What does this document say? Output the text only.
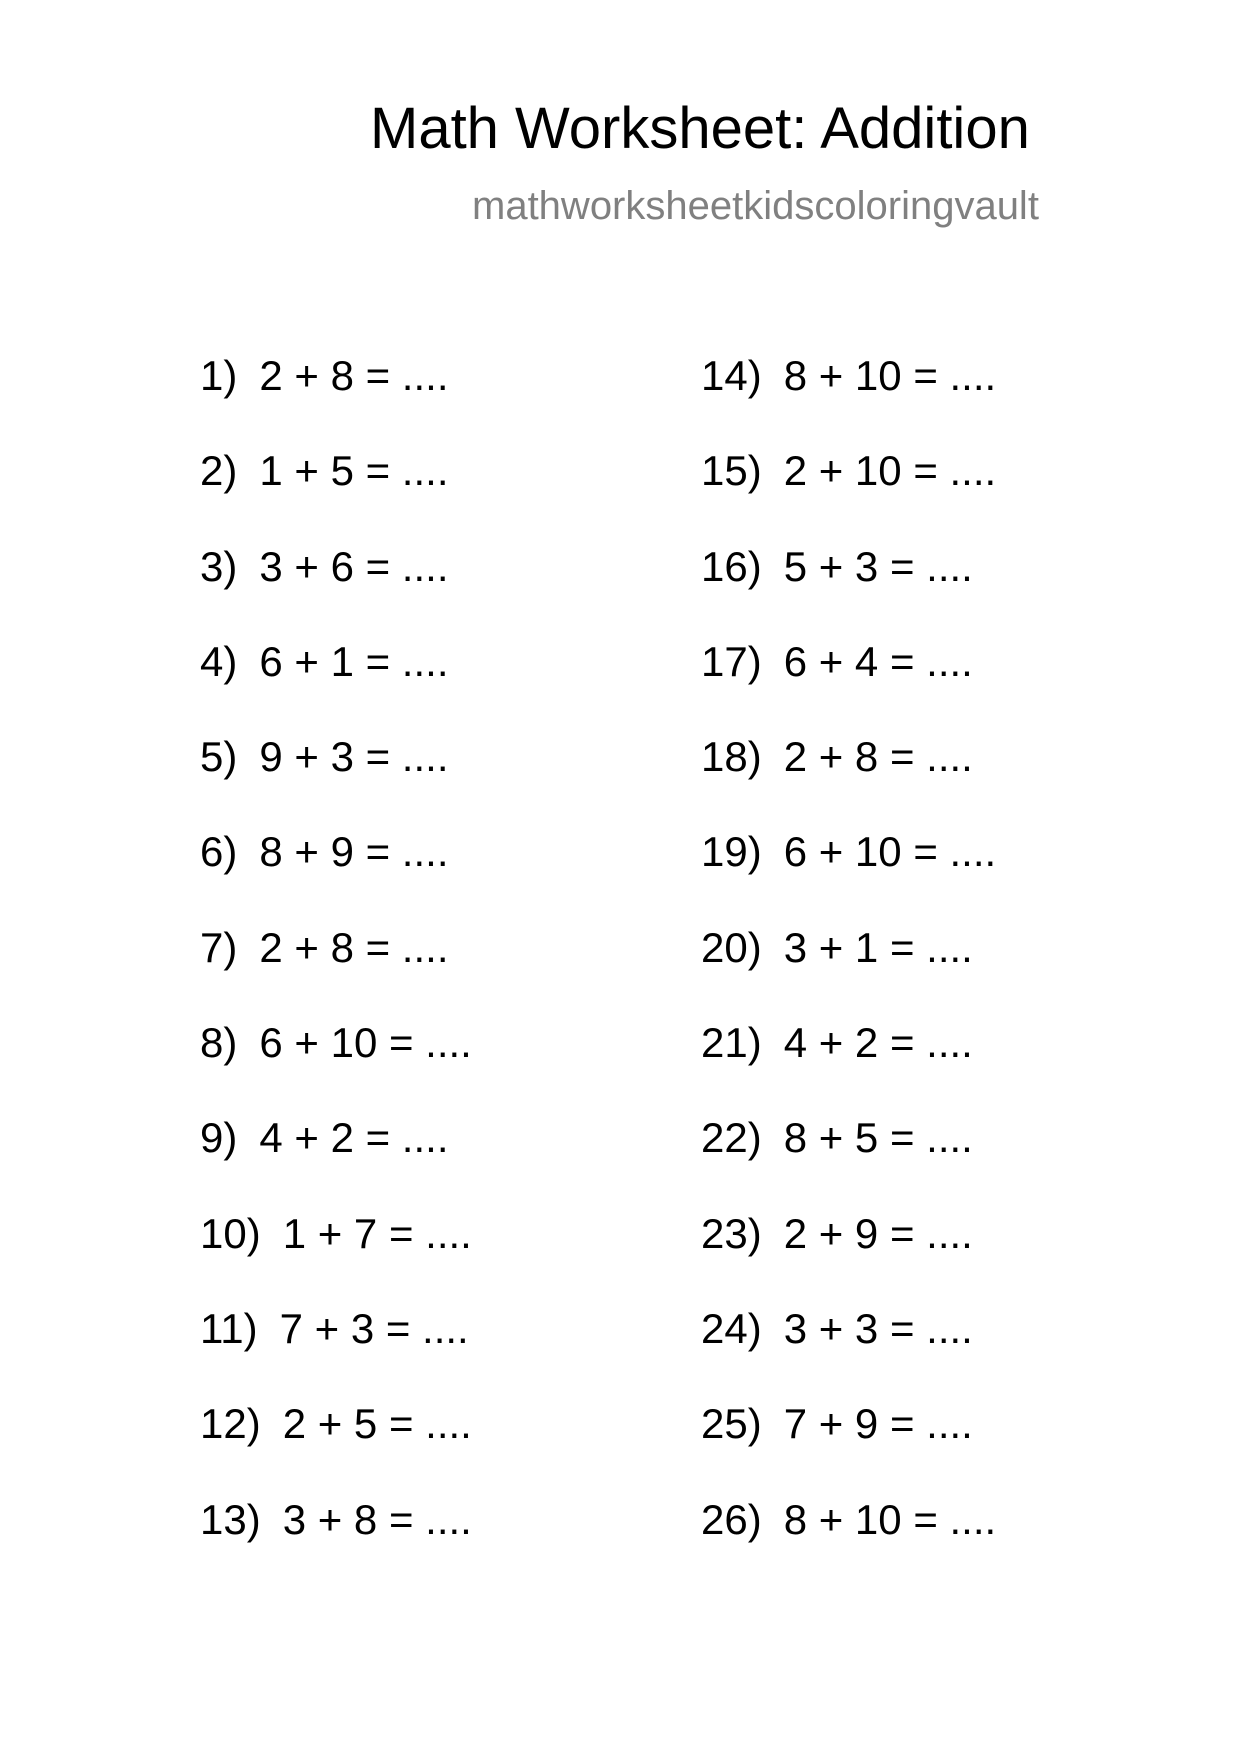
Math Worksheet: Addition
mathworksheetkidscoloringvault
1) 2 + 8 = ....
2) 1 + 5 = ....
3) 3 + 6 = ....
4) 6 + 1 = ....
5) 9 + 3 = ....
6) 8 + 9 = ....
7) 2 + 8 = ....
8) 6 + 10 = ....
9) 4 + 2 = ....
10) 1 + 7 = ....
11) 7 + 3 = ....
12) 2 + 5 = ....
13) 3 + 8 = ....
14) 8 + 10 = ....
15) 2 + 10 = ....
16) 5 + 3 = ....
17) 6 + 4 = ....
18) 2 + 8 = ....
19) 6 + 10 = ....
20) 3 + 1 = ....
21) 4 + 2 = ....
22) 8 + 5 = ....
23) 2 + 9 = ....
24) 3 + 3 = ....
25) 7 + 9 = ....
26) 8 + 10 = ....
